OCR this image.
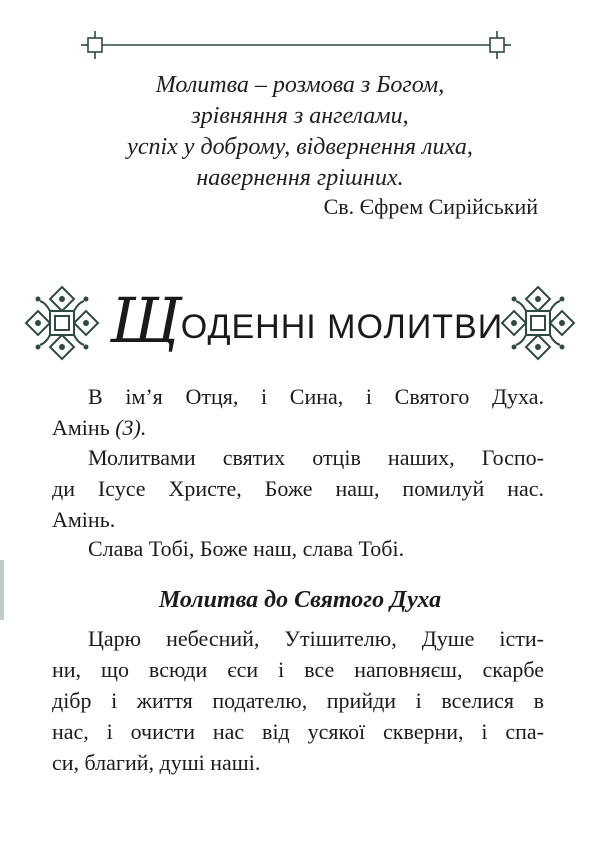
Молитва – розмова з Богом,
зрівняння з ангелами,
успіх у доброму, відвернення лиха,
навернення грішних.
Св. Єфрем Сирійський
ЩОДЕННІ МОЛИТВИ
В ім’я Отця, і Сина, і Святого Духа.
Амінь (3).
Молитвами святих отців наших, Госпо-
ди Ісусе Христе, Боже наш, помилуй нас.
Амінь.
Слава Тобі, Боже наш, слава Тобі.
Молитва до Святого Духа
Царю небесний, Утішителю, Душе істи-
ни, що всюди єси і все наповняєш, скарбе
дібр і життя подателю, прийди і вселися в
нас, і очисти нас від усякої скверни, і спа-
си, благий, душі наші.
